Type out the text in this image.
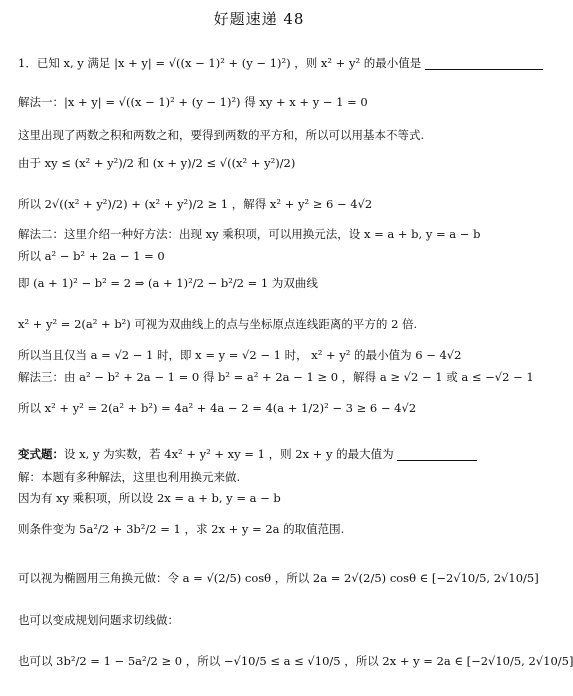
好题速递 48
1．已知 x, y 满足 |x + y| = √((x − 1)² + (y − 1)²) ，则 x² + y² 的最小值是
解法一：|x + y| = √((x − 1)² + (y − 1)²) 得 xy + x + y − 1 = 0
这里出现了两数之积和两数之和，要得到两数的平方和，所以可以用基本不等式.
由于 xy ≤ (x² + y²)/2 和 (x + y)/2 ≤ √((x² + y²)/2)
所以 2√((x² + y²)/2) + (x² + y²)/2 ≥ 1 ，解得 x² + y² ≥ 6 − 4√2
解法二：这里介绍一种好方法：出现 xy 乘积项，可以用换元法，设 x = a + b, y = a − b
所以 a² − b² + 2a − 1 = 0
即 (a + 1)² − b² = 2 ⇒ (a + 1)²/2 − b²/2 = 1 为双曲线
x² + y² = 2(a² + b²) 可视为双曲线上的点与坐标原点连线距离的平方的 2 倍.
所以当且仅当 a = √2 − 1 时，即 x = y = √2 − 1 时， x² + y² 的最小值为 6 − 4√2
解法三：由 a² − b² + 2a − 1 = 0 得 b² = a² + 2a − 1 ≥ 0 ，解得 a ≥ √2 − 1 或 a ≤ −√2 − 1
所以 x² + y² = 2(a² + b²) = 4a² + 4a − 2 = 4(a + 1/2)² − 3 ≥ 6 − 4√2
变式题：设 x, y 为实数，若 4x² + y² + xy = 1 ，则 2x + y 的最大值为
解：本题有多种解法，这里也利用换元来做.
因为有 xy 乘积项，所以设 2x = a + b, y = a − b
则条件变为 5a²/2 + 3b²/2 = 1 ，求 2x + y = 2a 的取值范围.
可以视为椭圆用三角换元做：令 a = √(2/5) cosθ ，所以 2a = 2√(2/5) cosθ ∈ [−2√10/5, 2√10/5]
也可以变成规划问题求切线做：
也可以 3b²/2 = 1 − 5a²/2 ≥ 0 ，所以 −√10/5 ≤ a ≤ √10/5 ，所以 2x + y = 2a ∈ [−2√10/5, 2√10/5]
